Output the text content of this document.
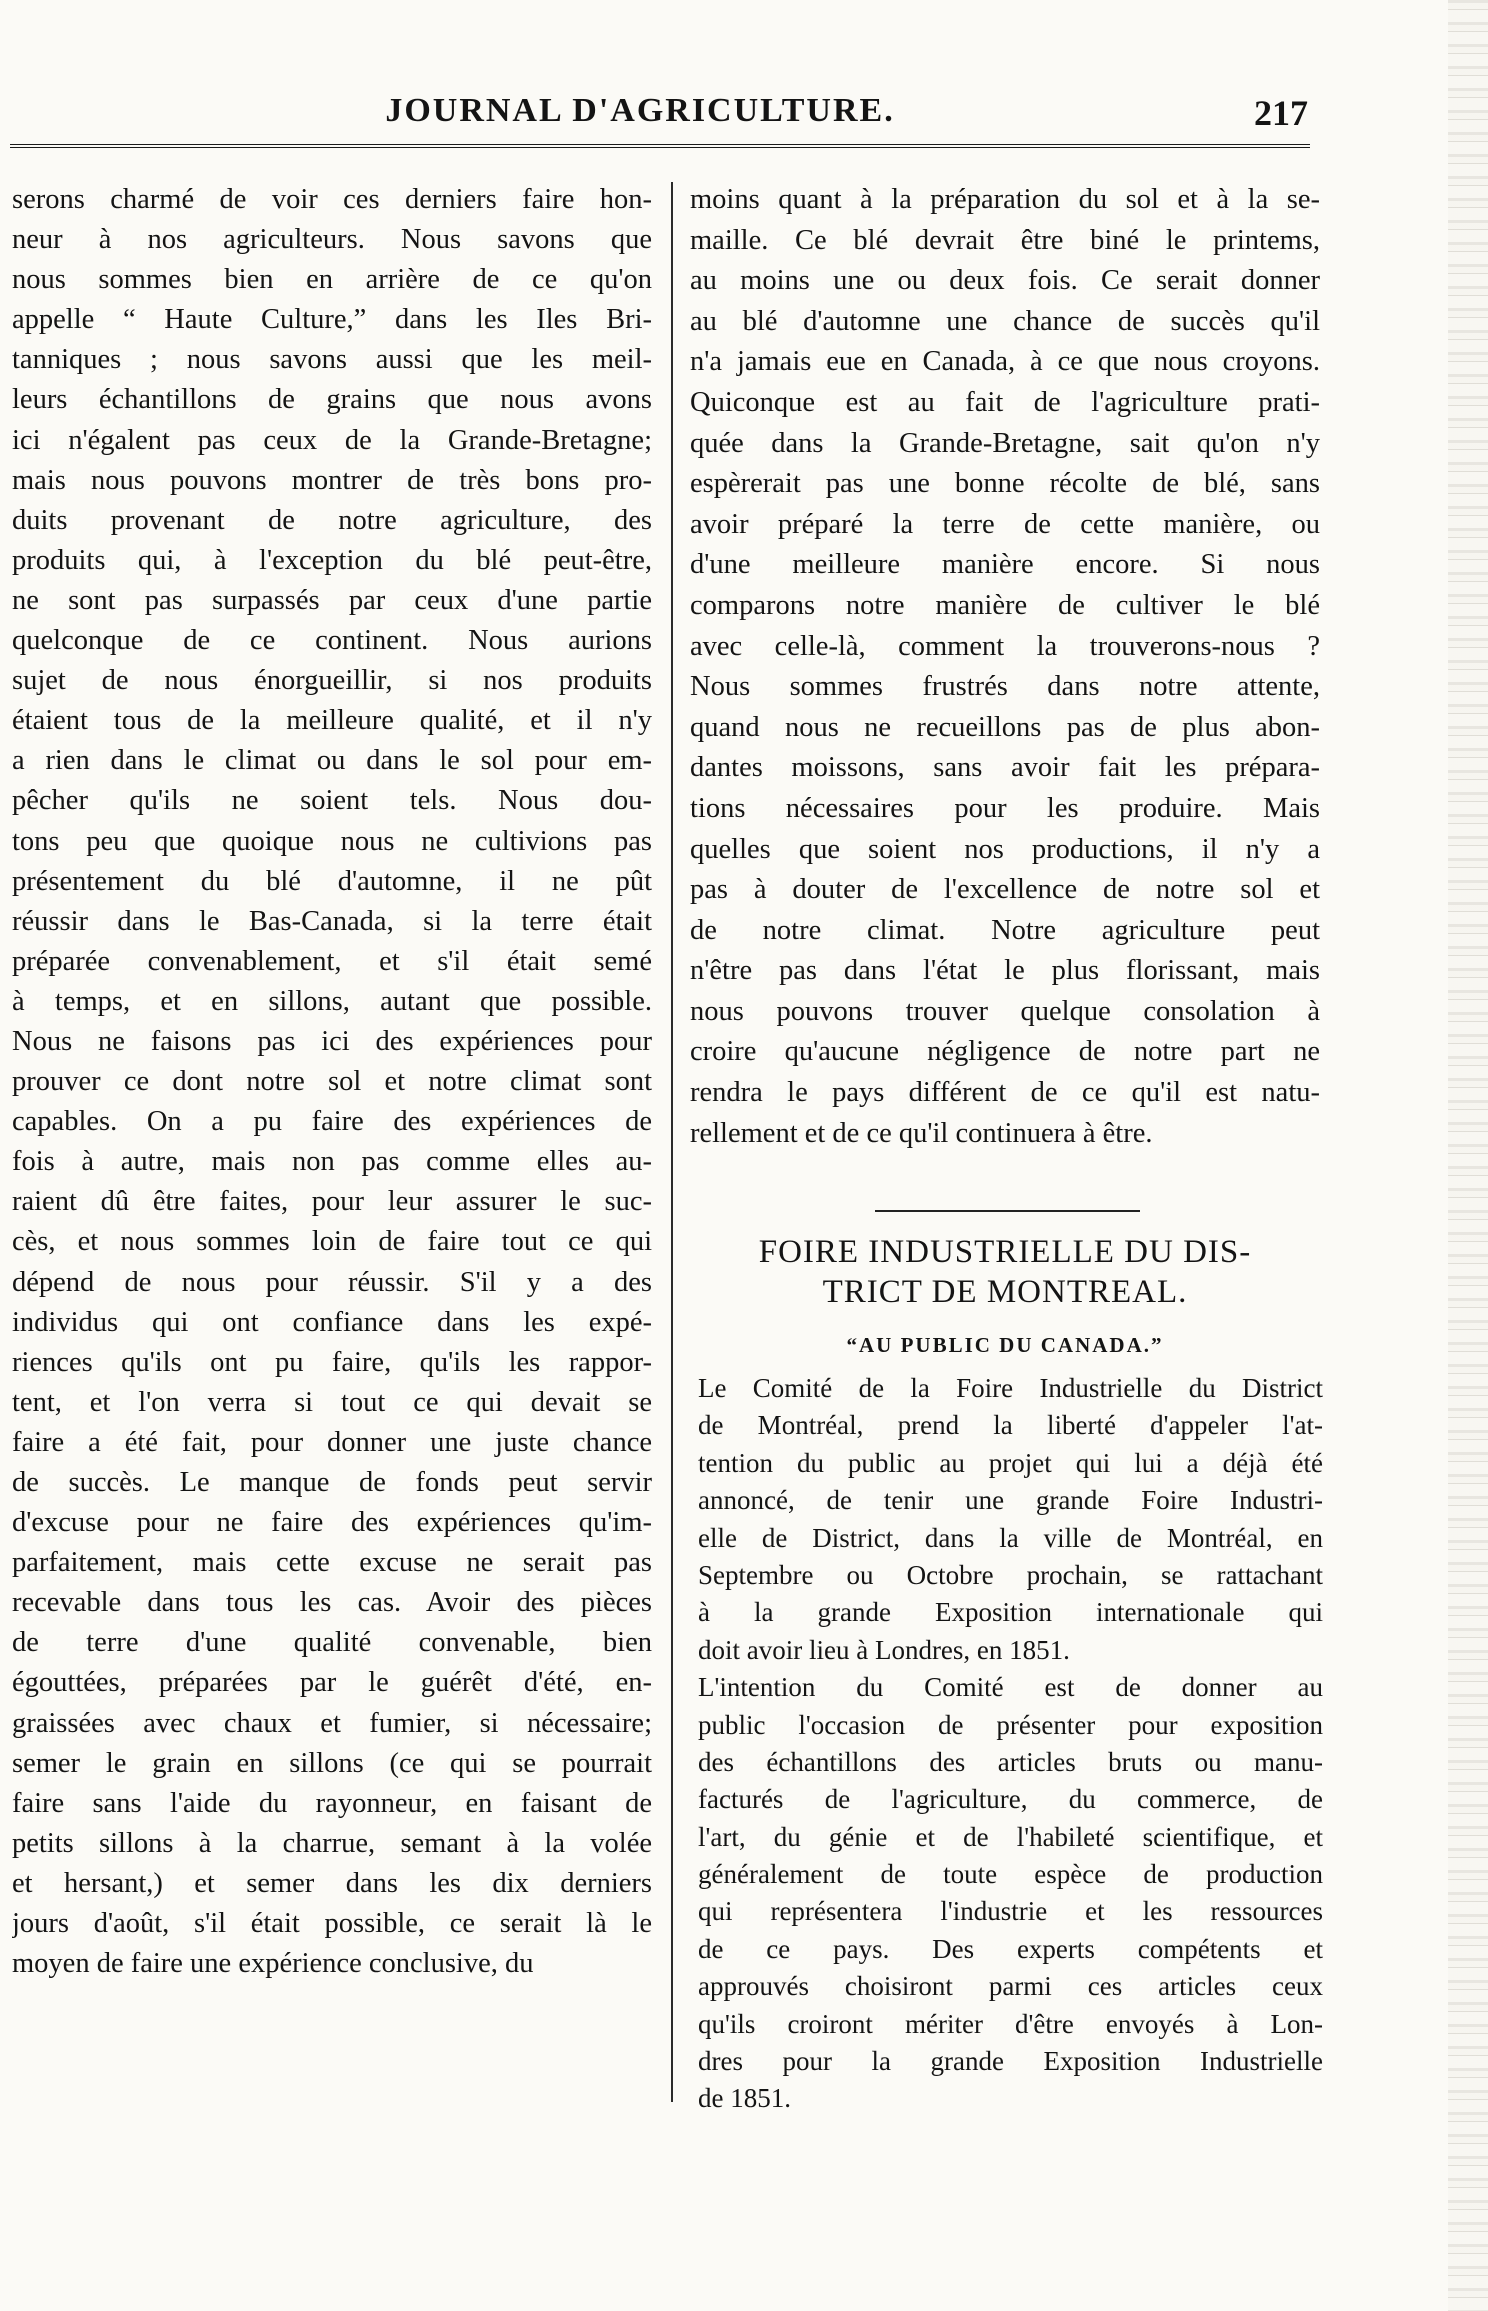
JOURNAL D'AGRICULTURE.	217
serons charmé de voir ces derniers faire hon-
neur à nos agriculteurs. Nous savons que
nous sommes bien en arrière de ce qu'on
appelle “ Haute Culture,” dans les Iles Bri-
tanniques ; nous savons aussi que les meil-
leurs échantillons de grains que nous avons
ici n'égalent pas ceux de la Grande-Bretagne;
mais nous pouvons montrer de très bons pro-
duits provenant de notre agriculture, des
produits qui, à l'exception du blé peut-être,
ne sont pas surpassés par ceux d'une partie
quelconque de ce continent. Nous aurions
sujet de nous énorgueillir, si nos produits
étaient tous de la meilleure qualité, et il n'y
a rien dans le climat ou dans le sol pour em-
pêcher qu'ils ne soient tels. Nous dou-
tons peu que quoique nous ne cultivions pas
présentement du blé d'automne, il ne pût
réussir dans le Bas-Canada, si la terre était
préparée convenablement, et s'il était semé
à temps, et en sillons, autant que possible.
Nous ne faisons pas ici des expériences pour
prouver ce dont notre sol et notre climat sont
capables. On a pu faire des expériences de
fois à autre, mais non pas comme elles au-
raient dû être faites, pour leur assurer le suc-
cès, et nous sommes loin de faire tout ce qui
dépend de nous pour réussir. S'il y a des
individus qui ont confiance dans les expé-
riences qu'ils ont pu faire, qu'ils les rappor-
tent, et l'on verra si tout ce qui devait se
faire a été fait, pour donner une juste chance
de succès. Le manque de fonds peut servir
d'excuse pour ne faire des expériences qu'im-
parfaitement, mais cette excuse ne serait pas
recevable dans tous les cas. Avoir des pièces
de terre d'une qualité convenable, bien
égouttées, préparées par le guérêt d'été, en-
graissées avec chaux et fumier, si nécessaire;
semer le grain en sillons (ce qui se pourrait
faire sans l'aide du rayonneur, en faisant de
petits sillons à la charrue, semant à la volée
et hersant,) et semer dans les dix derniers
jours d'août, s'il était possible, ce serait là le
moyen de faire une expérience conclusive, du
moins quant à la préparation du sol et à la se-
maille. Ce blé devrait être biné le printems,
au moins une ou deux fois. Ce serait donner
au blé d'automne une chance de succès qu'il
n'a jamais eue en Canada, à ce que nous croyons.
Quiconque est au fait de l'agriculture prati-
quée dans la Grande-Bretagne, sait qu'on n'y
espèrerait pas une bonne récolte de blé, sans
avoir préparé la terre de cette manière, ou
d'une meilleure manière encore. Si nous
comparons notre manière de cultiver le blé
avec celle-là, comment la trouverons-nous ?
Nous sommes frustrés dans notre attente,
quand nous ne recueillons pas de plus abon-
dantes moissons, sans avoir fait les prépara-
tions nécessaires pour les produire. Mais
quelles que soient nos productions, il n'y a
pas à douter de l'excellence de notre sol et
de notre climat. Notre agriculture peut
n'être pas dans l'état le plus florissant, mais
nous pouvons trouver quelque consolation à
croire qu'aucune négligence de notre part ne
rendra le pays différent de ce qu'il est natu-
rellement et de ce qu'il continuera à être.
FOIRE INDUSTRIELLE DU DIS-
TRICT DE MONTREAL.
“AU PUBLIC DU CANADA.”
Le Comité de la Foire Industrielle du District
de Montréal, prend la liberté d'appeler l'at-
tention du public au projet qui lui a déjà été
annoncé, de tenir une grande Foire Industri-
elle de District, dans la ville de Montréal, en
Septembre ou Octobre prochain, se rattachant
à la grande Exposition internationale qui
doit avoir lieu à Londres, en 1851.
L'intention du Comité est de donner au
public l'occasion de présenter pour exposition
des échantillons des articles bruts ou manu-
facturés de l'agriculture, du commerce, de
l'art, du génie et de l'habileté scientifique, et
généralement de toute espèce de production
qui représentera l'industrie et les ressources
de ce pays. Des experts compétents et
approuvés choisiront parmi ces articles ceux
qu'ils croiront mériter d'être envoyés à Lon-
dres pour la grande Exposition Industrielle
de 1851.
